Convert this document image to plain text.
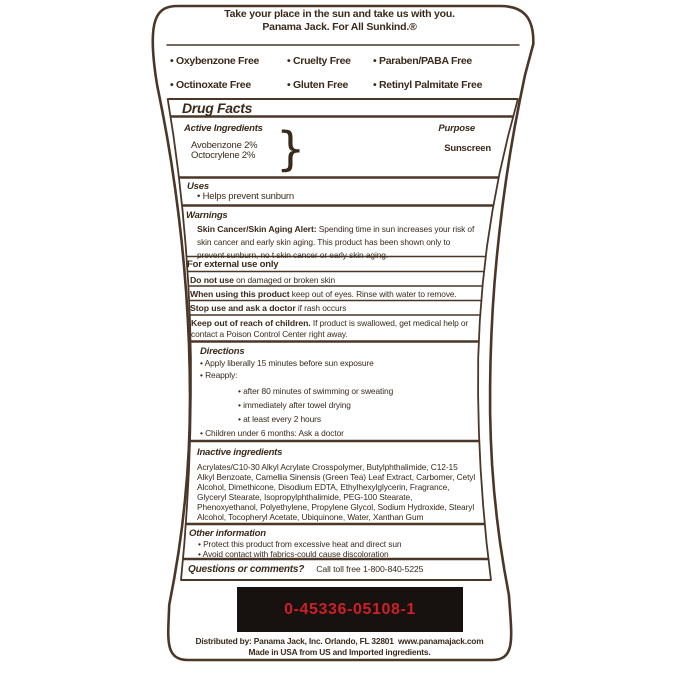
Take your place in the sun and take us with you.
Panama Jack. For All Sunkind.®
• Oxybenzone Free	• Cruelty Free	• Paraben/PABA Free
• Octinoxate Free	• Gluten Free	• Retinyl Palmitate Free
Drug Facts
Active Ingredients	Purpose
Avobenzone 2%
Octocrylene 2% }	Sunscreen
Uses
• Helps prevent sunburn
Warnings
Skin Cancer/Skin Aging Alert: Spending time in sun increases your risk of
skin cancer and early skin aging. This product has been shown only to
prevent sunburn, no t skin cancer or early skin aging.
For external use only
Do not use on damaged or broken skin
When using this product keep out of eyes. Rinse with water to remove.
Stop use and ask a doctor if rash occurs
Keep out of reach of children. If product is swallowed, get medical help or
contact a Poison Control Center right away.
Directions
• Apply liberally 15 minutes before sun exposure
• Reapply:
• after 80 minutes of swimming or sweating
• immediately after towel drying
• at least every 2 hours
• Children under 6 months: Ask a doctor
Inactive ingredients
Acrylates/C10-30 Alkyl Acrylate Crosspolymer, Butylphthalimide, C12-15
Alkyl Benzoate, Camellia Sinensis (Green Tea) Leaf Extract, Carbomer, Cetyl
Alcohol, Dimethicone, Disodium EDTA, Ethylhexylglycerin, Fragrance,
Glyceryl Stearate, Isopropylphthalimide, PEG-100 Stearate,
Phenoxyethanol, Polyethylene, Propylene Glycol, Sodium Hydroxide, Stearyl
Alcohol, Tocopheryl Acetate, Ubiquinone, Water, Xanthan Gum
Other information
• Protect this product from excessive heat and direct sun
• Avoid contact with fabrics-could cause discoloration
Questions or comments? Call toll free 1-800-840-5225
0-45336-05108-1
Distributed by: Panama Jack, Inc. Orlando, FL 32801 www.panamajack.com
Made in USA from US and Imported ingredients.
